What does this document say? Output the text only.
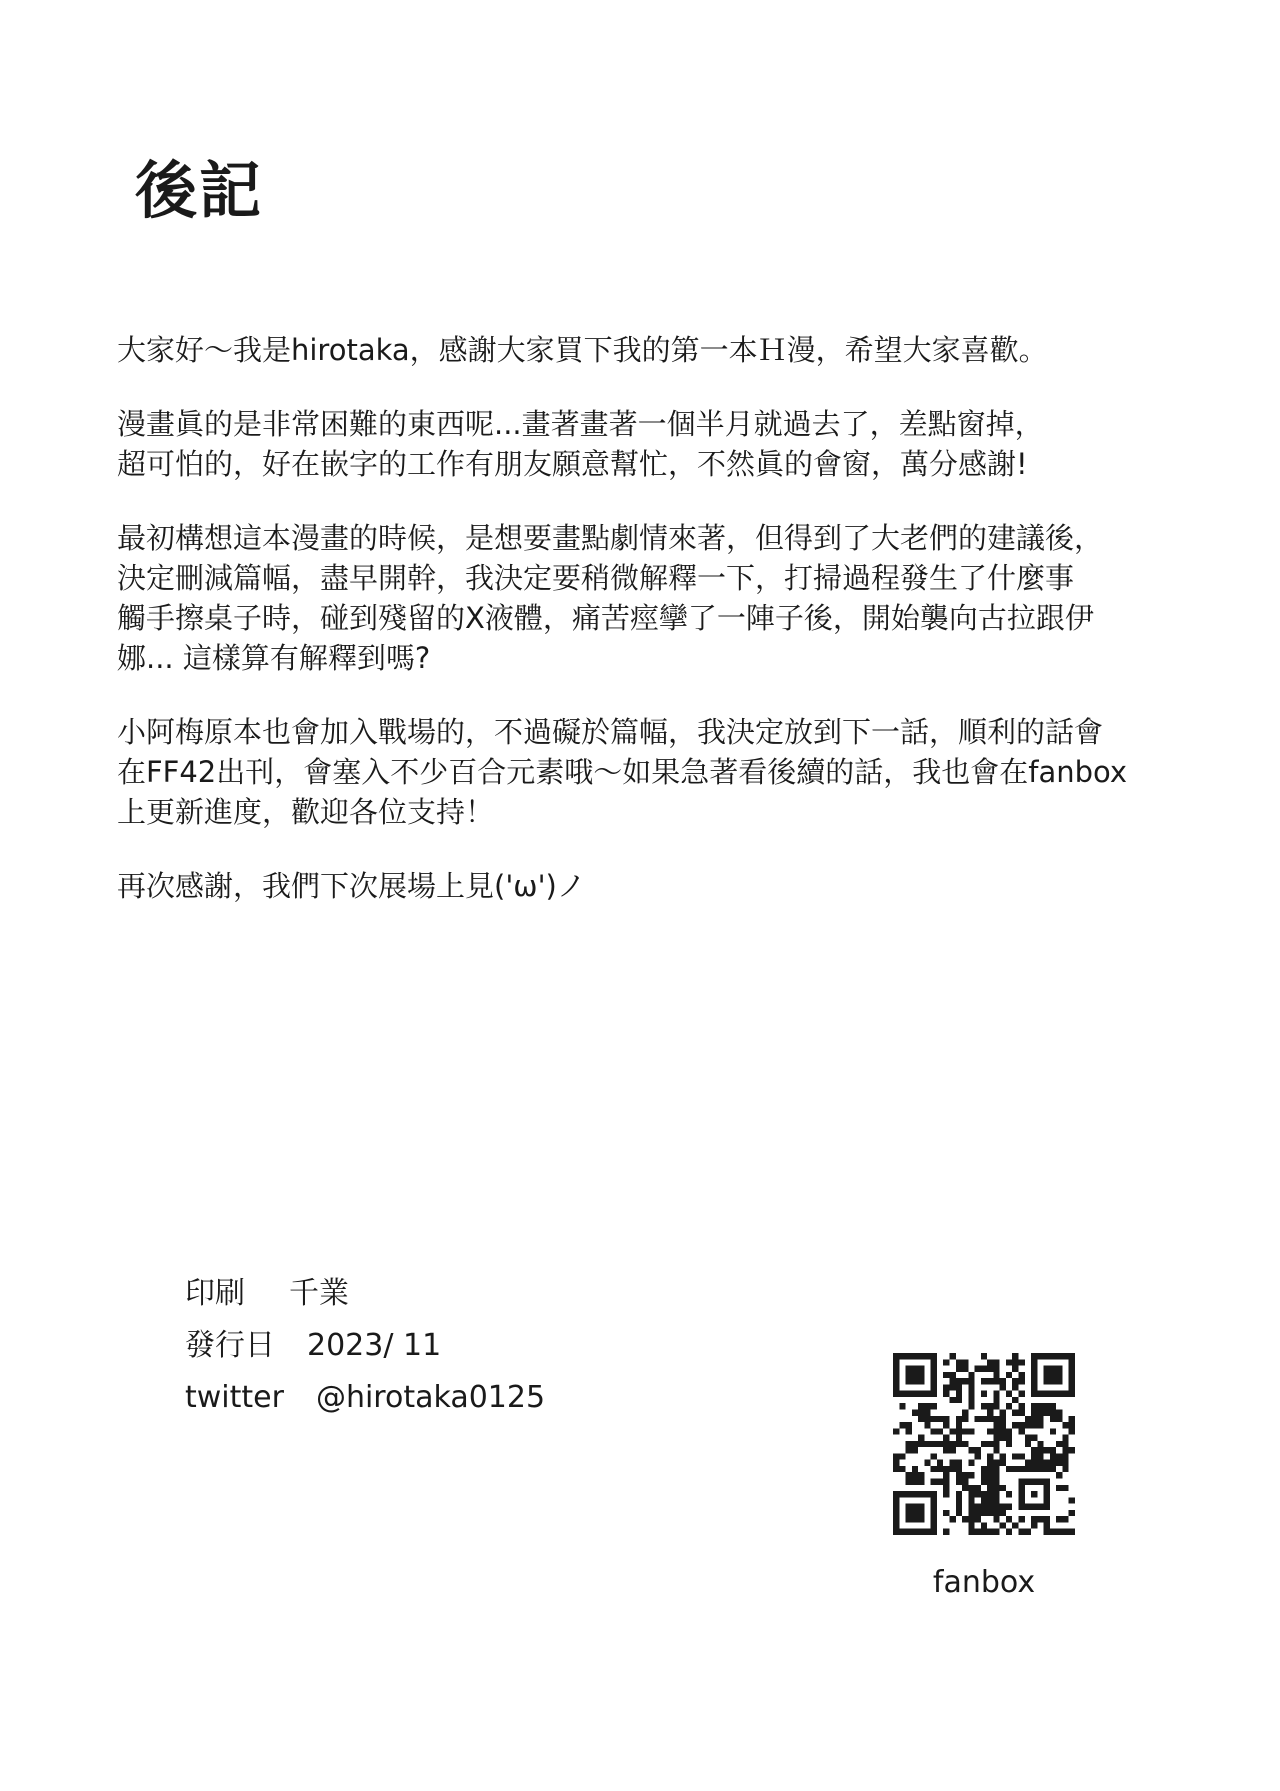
後記

大家好～我是hirotaka，感謝大家買下我的第一本Ｈ漫，希望大家喜歡。

漫畫眞的是非常困難的東西呢...畫著畫著一個半月就過去了，差點窗掉，
超可怕的，好在嵌字的工作有朋友願意幫忙，不然眞的會窗，萬分感謝!

最初構想這本漫畫的時候，是想要畫點劇情來著，但得到了大老們的建議後，
決定刪減篇幅，盡早開幹，我決定要稍微解釋一下，打掃過程發生了什麼事
觸手擦桌子時，碰到殘留的X液體，痛苦痙攣了一陣子後，開始襲向古拉跟伊
娜... 這樣算有解釋到嗎?

小阿梅原本也會加入戰場的，不過礙於篇幅，我決定放到下一話，順利的話會
在FF42出刊，會塞入不少百合元素哦～如果急著看後續的話，我也會在fanbox
上更新進度，歡迎各位支持！

再次感謝，我們下次展場上見('ω')ノ

印刷 千業
發行日 2023/ 11
twitter @hirotaka0125
fanbox
